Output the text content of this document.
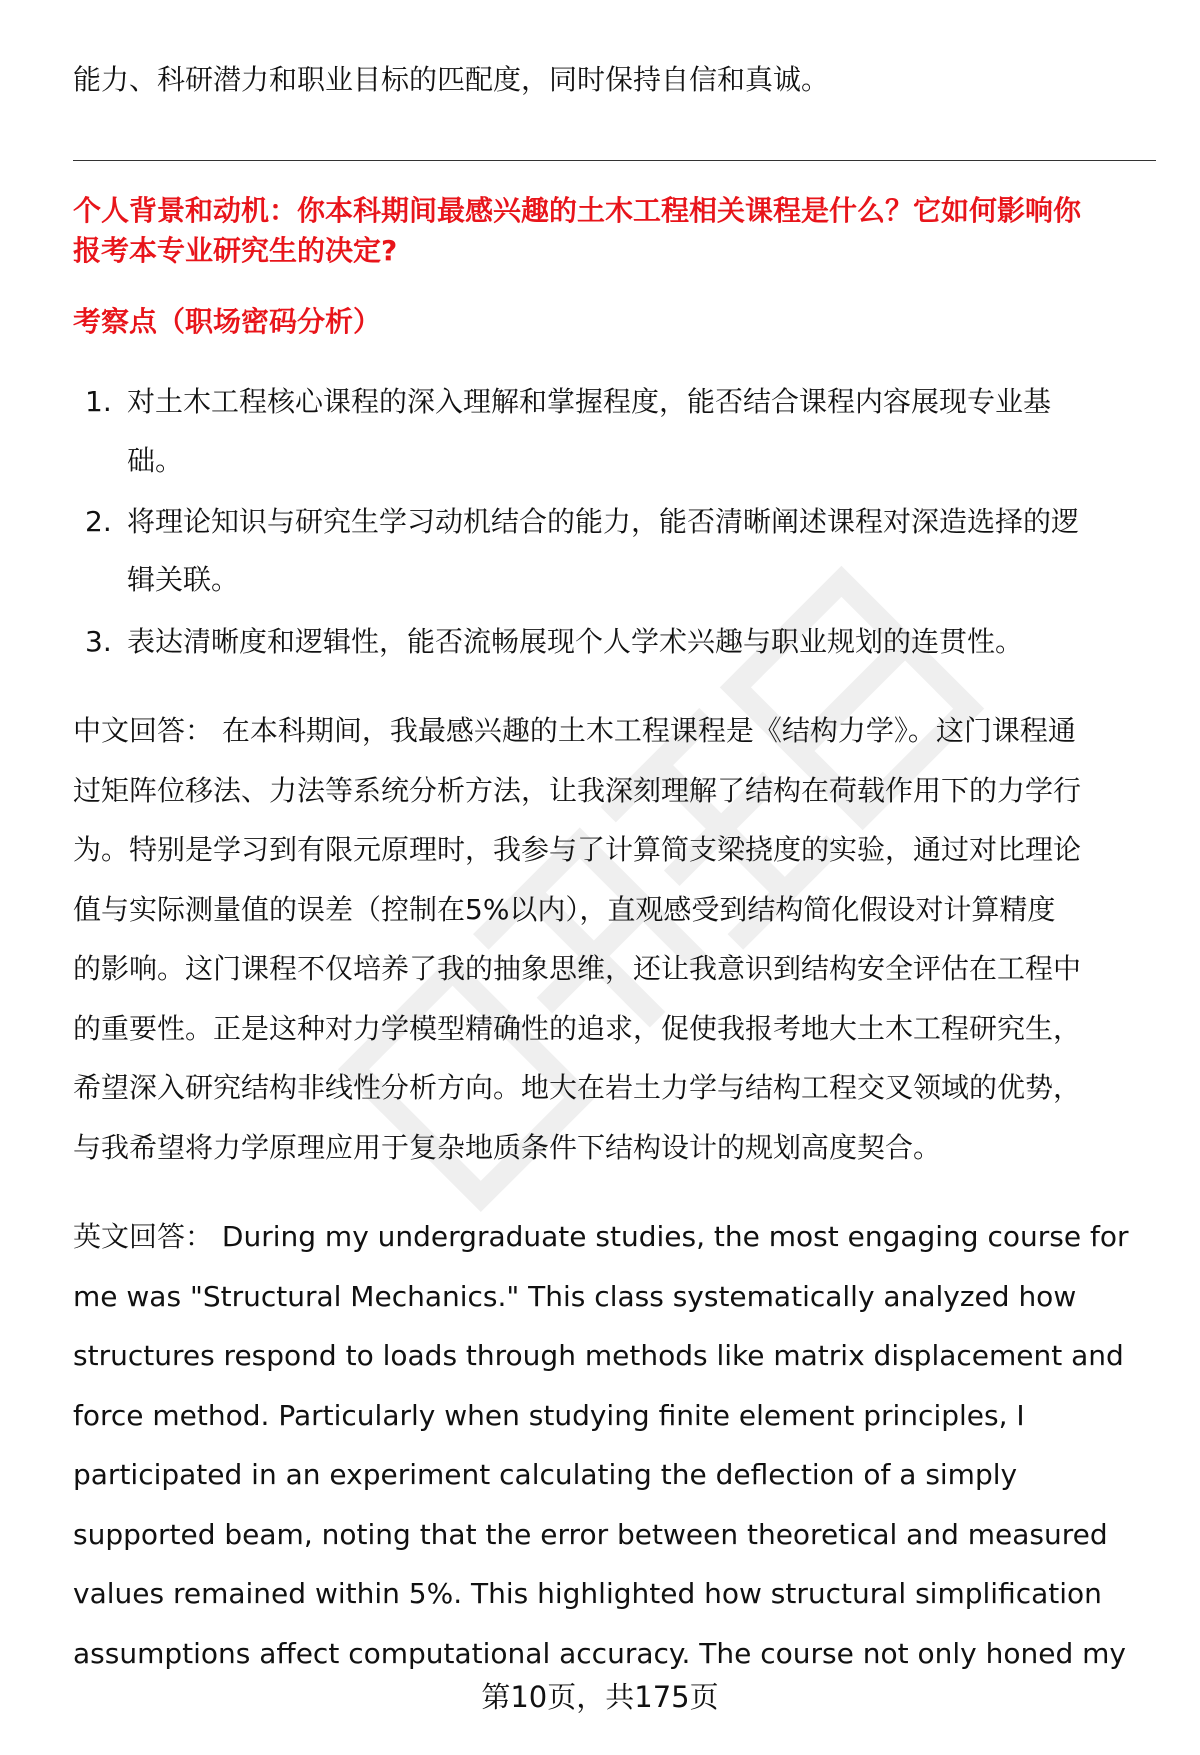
能力、科研潜力和职业目标的匹配度，同时保持自信和真诚。
个人背景和动机：你本科期间最感兴趣的土木工程相关课程是什么？它如何影响你
报考本专业研究生的决定?
考察点（职场密码分析）
1. 对土木工程核心课程的深入理解和掌握程度，能否结合课程内容展现专业基
础。
2. 将理论知识与研究生学习动机结合的能力，能否清晰阐述课程对深造选择的逻
辑关联。
3. 表达清晰度和逻辑性，能否流畅展现个人学术兴趣与职业规划的连贯性。
中文回答： 在本科期间，我最感兴趣的土木工程课程是《结构力学》。这门课程通
过矩阵位移法、力法等系统分析方法，让我深刻理解了结构在荷载作用下的力学行
为。特别是学习到有限元原理时，我参与了计算简支梁挠度的实验，通过对比理论
值与实际测量值的误差（控制在5%以内），直观感受到结构简化假设对计算精度
的影响。这门课程不仅培养了我的抽象思维，还让我意识到结构安全评估在工程中
的重要性。正是这种对力学模型精确性的追求，促使我报考地大土木工程研究生，
希望深入研究结构非线性分析方向。地大在岩土力学与结构工程交叉领域的优势，
与我希望将力学原理应用于复杂地质条件下结构设计的规划高度契合。
英文回答： During my undergraduate studies, the most engaging course for
me was "Structural Mechanics." This class systematically analyzed how
structures respond to loads through methods like matrix displacement and
force method. Particularly when studying finite element principles, I
participated in an experiment calculating the deflection of a simply
supported beam, noting that the error between theoretical and measured
values remained within 5%. This highlighted how structural simplification
assumptions affect computational accuracy. The course not only honed my
第10页，共175页
